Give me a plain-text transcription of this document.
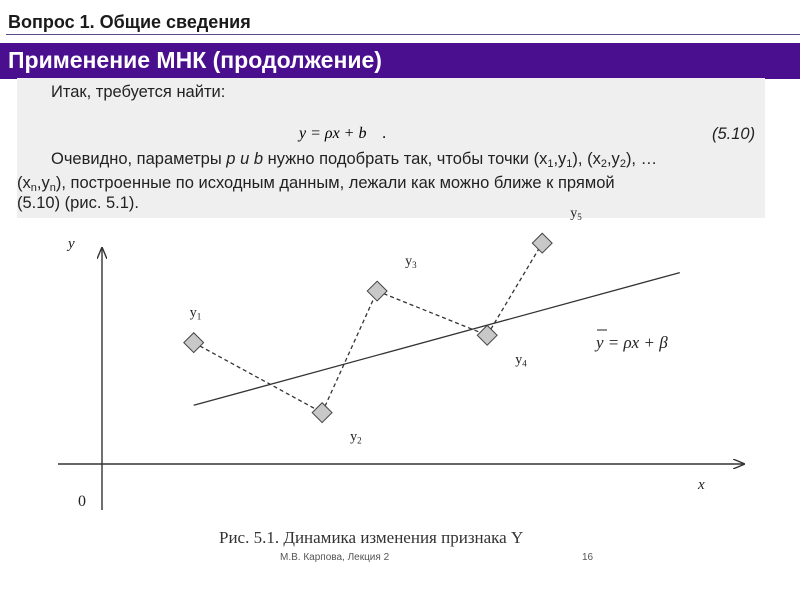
Вопрос 1. Общие сведения
Применение МНК (продолжение)
Итак, требуется найти:
y = ρx + b .	(5.10)
Очевидно, параметры p и b нужно подобрать так, чтобы точки $(x_1,y_1)$, $(x_2,y_2)$, …
$(x_n,y_n)$, построенные по исходным данным, лежали как можно ближе к прямой
(5.10) (рис. 5.1).
y
x
0
$y_1$
$y_2$
$y_3$
$y_4$
$y_5$
y = ρx + β
Рис. 5.1. Динамика изменения признака Y
М.В. Карпова, Лекция 2	16
